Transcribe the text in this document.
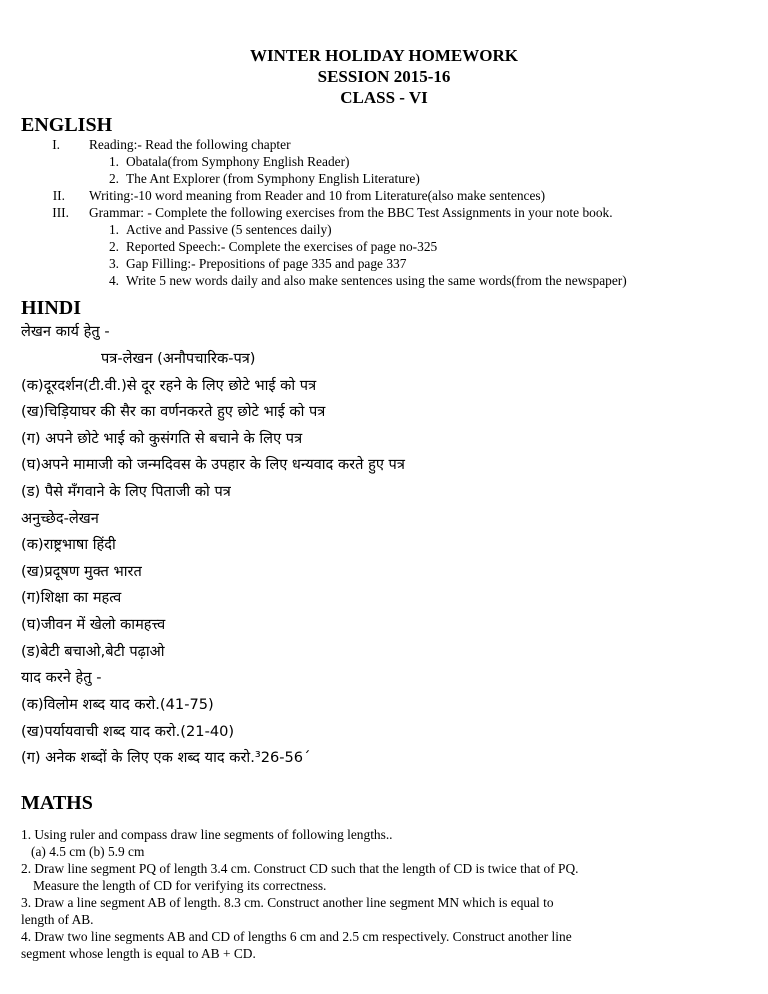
WINTER HOLIDAY HOMEWORK
SESSION 2015-16
CLASS - VI
ENGLISH
I. Reading:- Read the following chapter
1. Obatala(from Symphony English Reader)
2. The Ant Explorer (from Symphony English Literature)
II. Writing:-10 word meaning from Reader and 10 from Literature(also make sentences)
III. Grammar: - Complete the following exercises from the BBC Test Assignments in your note book.
1. Active and Passive (5 sentences daily)
2. Reported Speech:- Complete the exercises of page no-325
3. Gap Filling:- Prepositions of page 335 and page 337
4. Write 5 new words daily and also make sentences using the same words(from the newspaper)
HINDI
लेखन कार्य हेतु -
पत्र-लेखन (अनौपचारिक-पत्र)
(क)दूरदर्शन(टी.वी.)से दूर रहने के लिए छोटे भाई को पत्र
(ख)चिड़ियाघर की सैर का वर्णनकरते हुए छोटे भाई को पत्र
(ग) अपने छोटे भाई को कुसंगति से बचाने के लिए पत्र
(घ)अपने मामाजी को जन्मदिवस के उपहार के लिए धन्यवाद करते हुए पत्र
(ड) पैसे मँगवाने के लिए पिताजी को पत्र
अनुच्छेद-लेखन
(क)राष्ट्रभाषा हिंदी
(ख)प्रदूषण मुक्त भारत
(ग)शिक्षा का महत्व
(घ)जीवन में खेलो कामहत्त्व
(ड)बेटी बचाओ,बेटी पढ़ाओ
याद करने हेतु -
(क)विलोम शब्द याद करो.(41-75)
(ख)पर्यायवाची शब्द याद करो.(21-40)
(ग) अनेक शब्दों के लिए एक शब्द याद करो.³26-56´
MATHS
1. Using ruler and compass draw line segments of following lengths..
(a) 4.5 cm (b) 5.9 cm
2. Draw line segment PQ of length 3.4 cm. Construct CD such that the length of CD is twice that of PQ.
Measure the length of CD for verifying its correctness.
3. Draw a line segment AB of length. 8.3 cm. Construct another line segment MN which is equal to
length of AB.
4. Draw two line segments AB and CD of lengths 6 cm and 2.5 cm respectively. Construct another line
segment whose length is equal to AB + CD.
